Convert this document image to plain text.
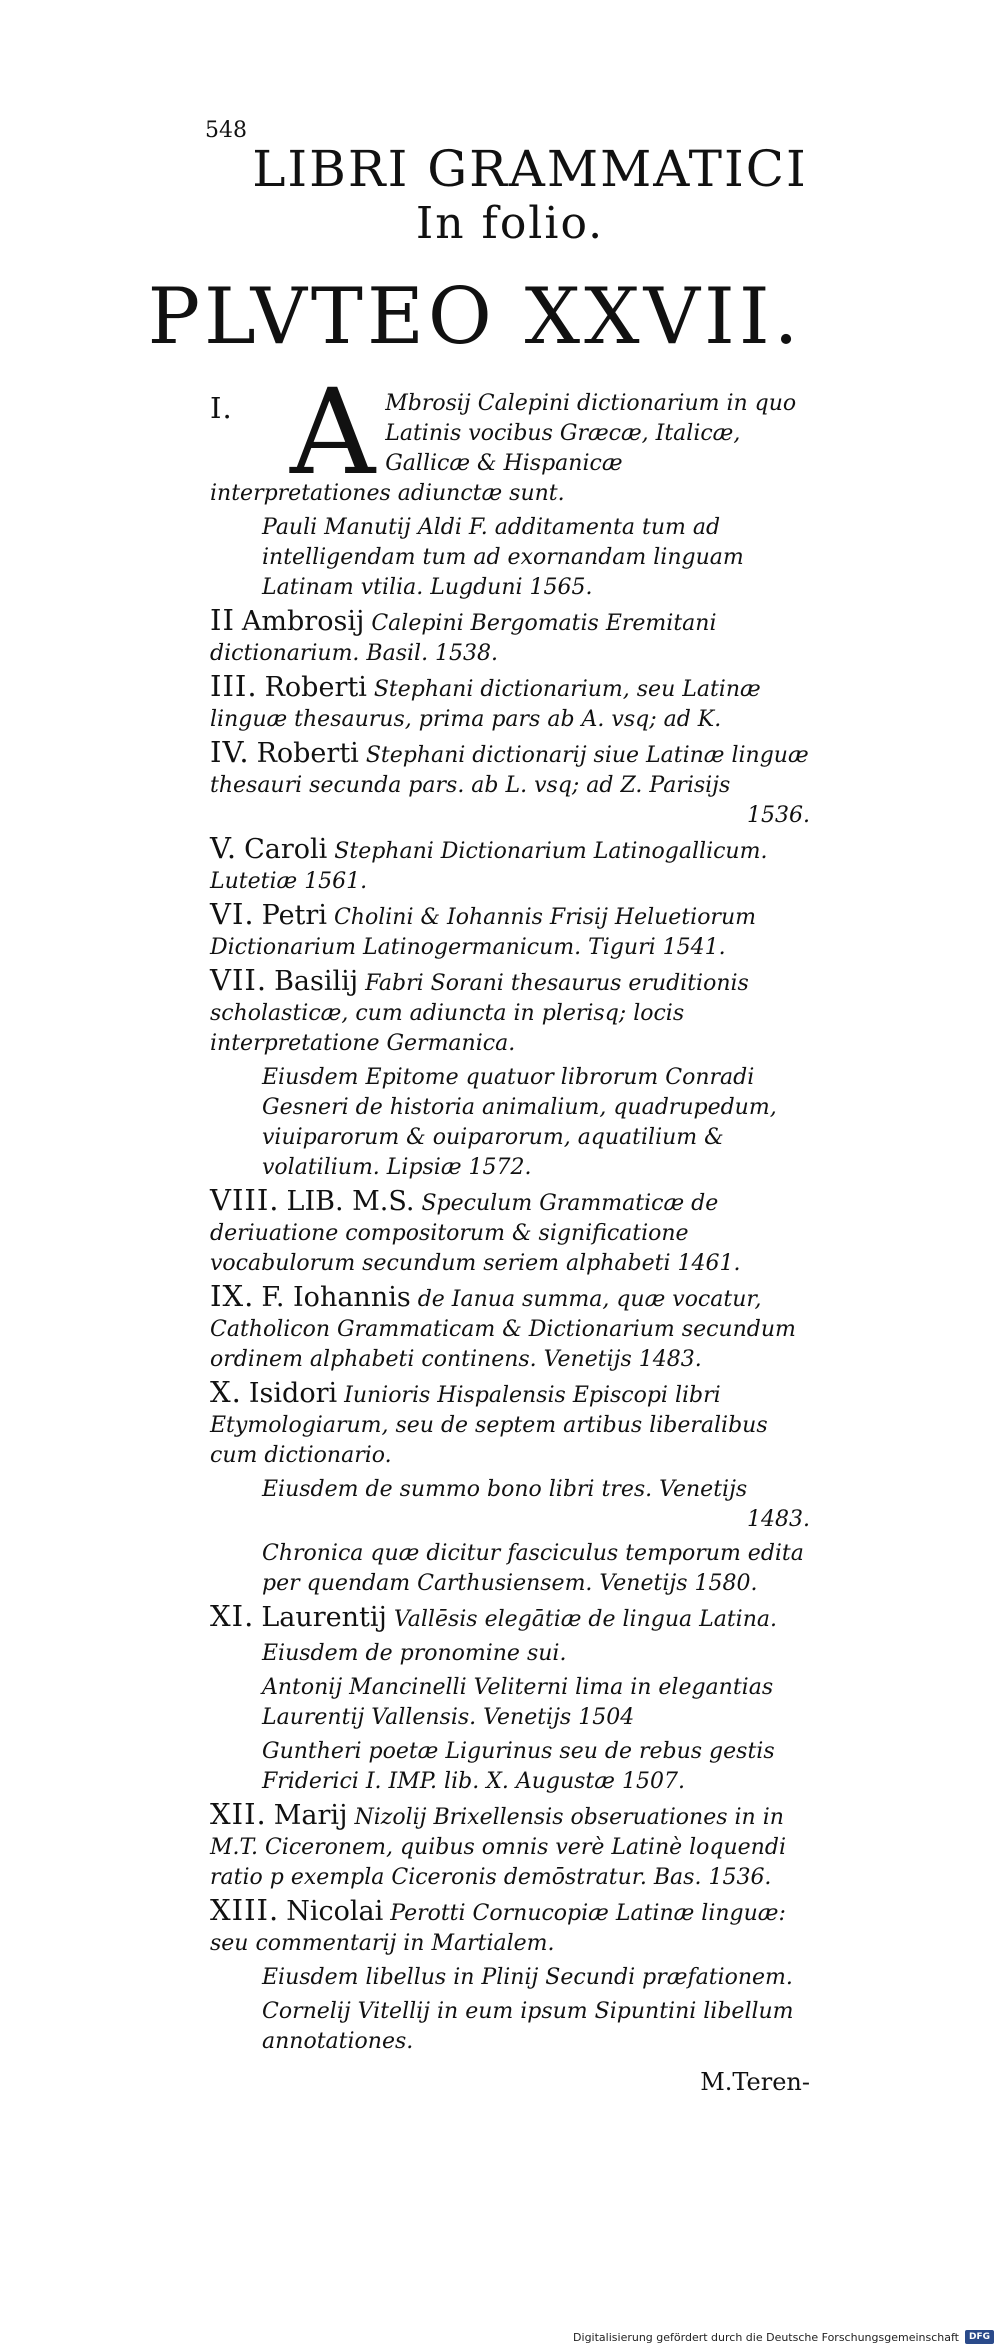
548
LIBRI GRAMMATICI
In folio.
PLVTEO XXVII.
I. A Mbrosij Calepini dictionarium in quo Latinis vocibus Græcæ, Italicæ, Gallicæ & Hispanicæ interpretationes adiunctæ sunt.
Pauli Manutij Aldi F. additamenta tum ad intelligendam tum ad exornandam linguam Latinam vtilia. Lugduni 1565.
II Ambrosij Calepini Bergomatis Eremitani dictionarium. Basil. 1538.
III. Roberti Stephani dictionarium, seu Latinæ linguæ thesaurus, prima pars ab A. vsq; ad K.
IV. Roberti Stephani dictionarij siue Latinæ linguæ thesauri secunda pars. ab L. vsq; ad Z. Parisijs
1536.
V. Caroli Stephani Dictionarium Latinogallicum. Lutetiæ 1561.
VI. Petri Cholini & Iohannis Frisij Heluetiorum Dictionarium Latinogermanicum. Tiguri 1541.
VII. Basilij Fabri Sorani thesaurus eruditionis scholasticæ, cum adiuncta in plerisq; locis interpretatione Germanica.
Eiusdem Epitome quatuor librorum Conradi Gesneri de historia animalium, quadrupedum, viuiparorum & ouiparorum, aquatilium & volatilium. Lipsiæ 1572.
VIII. LIB. M.S. Speculum Grammaticæ de deriuatione compositorum & significatione vocabulorum secundum seriem alphabeti 1461.
IX. F. Iohannis de Ianua summa, quæ vocatur, Catholicon Grammaticam & Dictionarium secundum ordinem alphabeti continens. Venetijs 1483.
X. Isidori Iunioris Hispalensis Episcopi libri Etymologiarum, seu de septem artibus liberalibus cum dictionario.
Eiusdem de summo bono libri tres. Venetijs
1483.
Chronica quæ dicitur fasciculus temporum edita per quendam Carthusiensem. Venetijs 1580.
XI. Laurentij Vallēsis elegātiæ de lingua Latina.
Eiusdem de pronomine sui.
Antonij Mancinelli Veliterni lima in elegantias Laurentij Vallensis. Venetijs 1504
Guntheri poetæ Ligurinus seu de rebus gestis Friderici I. IMP. lib. X. Augustæ 1507.
XII. Marij Nizolij Brixellensis obseruationes in in M.T. Ciceronem, quibus omnis verè Latinè loquendi ratio p exempla Ciceronis demōstratur. Bas. 1536.
XIII. Nicolai Perotti Cornucopiæ Latinæ linguæ: seu commentarij in Martialem.
Eiusdem libellus in Plinij Secundi præfationem.
Cornelij Vitellij in eum ipsum Sipuntini libellum annotationes.
M.Teren-
Digitalisierung gefördert durch die Deutsche Forschungsgemeinschaft	DFG
